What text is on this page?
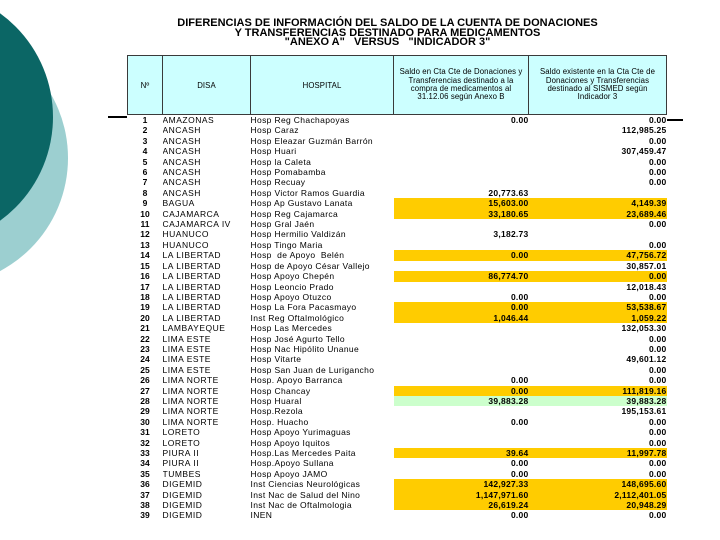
DIFERENCIAS DE INFORMACIÓN DEL SALDO DE LA CUENTA DE DONACIONES
Y TRANSFERENCIAS DESTINADO PARA MEDICAMENTOS
"ANEXO A"   VERSUS   "INDICADOR 3"
Nº	DISA	HOSPITAL	Saldo en Cta Cte de Donaciones y
Transferencias destinado a la
compra de medicamentos al
31.12.06 según Anexo B	Saldo existente en la Cta Cte de
Donaciones y Transferencias
destinado al SISMED según
Indicador 3

1	AMAZONAS	Hosp Reg Chachapoyas	0.00	0.00
2	ANCASH	Hosp Caraz		112,985.25
3	ANCASH	Hosp Eleazar Guzmán Barrón		0.00
4	ANCASH	Hosp Huari		307,459.47
5	ANCASH	Hosp la Caleta		0.00
6	ANCASH	Hosp Pomabamba		0.00
7	ANCASH	Hosp Recuay		0.00
8	ANCASH	Hosp Victor Ramos Guardia	20,773.63	
9	BAGUA	Hosp Ap Gustavo Lanata	15,603.00	4,149.39
10	CAJAMARCA	Hosp Reg Cajamarca	33,180.65	23,689.46
11	CAJAMARCA IV	Hosp Gral Jaén		0.00
12	HUANUCO	Hosp Hermilio Valdizán	3,182.73	
13	HUANUCO	Hosp Tingo Maria		0.00
14	LA LIBERTAD	Hosp  de Apoyo  Belén	0.00	47,756.72
15	LA LIBERTAD	Hosp de Apoyo César Vallejo		30,857.01
16	LA LIBERTAD	Hosp Apoyo Chepén	86,774.70	0.00
17	LA LIBERTAD	Hosp Leoncio Prado		12,018.43
18	LA LIBERTAD	Hosp Apoyo Otuzco	0.00	0.00
19	LA LIBERTAD	Hosp La Fora Pacasmayo	0.00	53,538.67
20	LA LIBERTAD	Inst Reg Oftalmológico	1,046.44	1,059.22
21	LAMBAYEQUE	Hosp Las Mercedes		132,053.30
22	LIMA ESTE	Hosp José Agurto Tello		0.00
23	LIMA ESTE	Hosp Nac Hipólito Unanue		0.00
24	LIMA ESTE	Hosp Vitarte		49,601.12
25	LIMA ESTE	Hosp San Juan de Lurigancho		0.00
26	LIMA NORTE	Hosp. Apoyo Barranca	0.00	0.00
27	LIMA NORTE	Hosp Chancay	0.00	111,819.16
28	LIMA NORTE	Hosp Huaral	39,883.28	39,883.28
29	LIMA NORTE	Hosp.Rezola		195,153.61
30	LIMA NORTE	Hosp. Huacho	0.00	0.00
31	LORETO	Hosp Apoyo Yurimaguas		0.00
32	LORETO	Hosp Apoyo Iquitos		0.00
33	PIURA II	Hosp.Las Mercedes Paita	39.64	11,997.78
34	PIURA II	Hosp.Apoyo Sullana	0.00	0.00
35	TUMBES	Hosp Apoyo JAMO	0.00	0.00
36	DIGEMID	Inst Ciencias Neurológicas	142,927.33	148,695.60
37	DIGEMID	Inst Nac de Salud del Nino	1,147,971.60	2,112,401.05
38	DIGEMID	Inst Nac de Oftalmologia	26,619.24	20,948.29
39	DIGEMID	INEN	0.00	0.00
